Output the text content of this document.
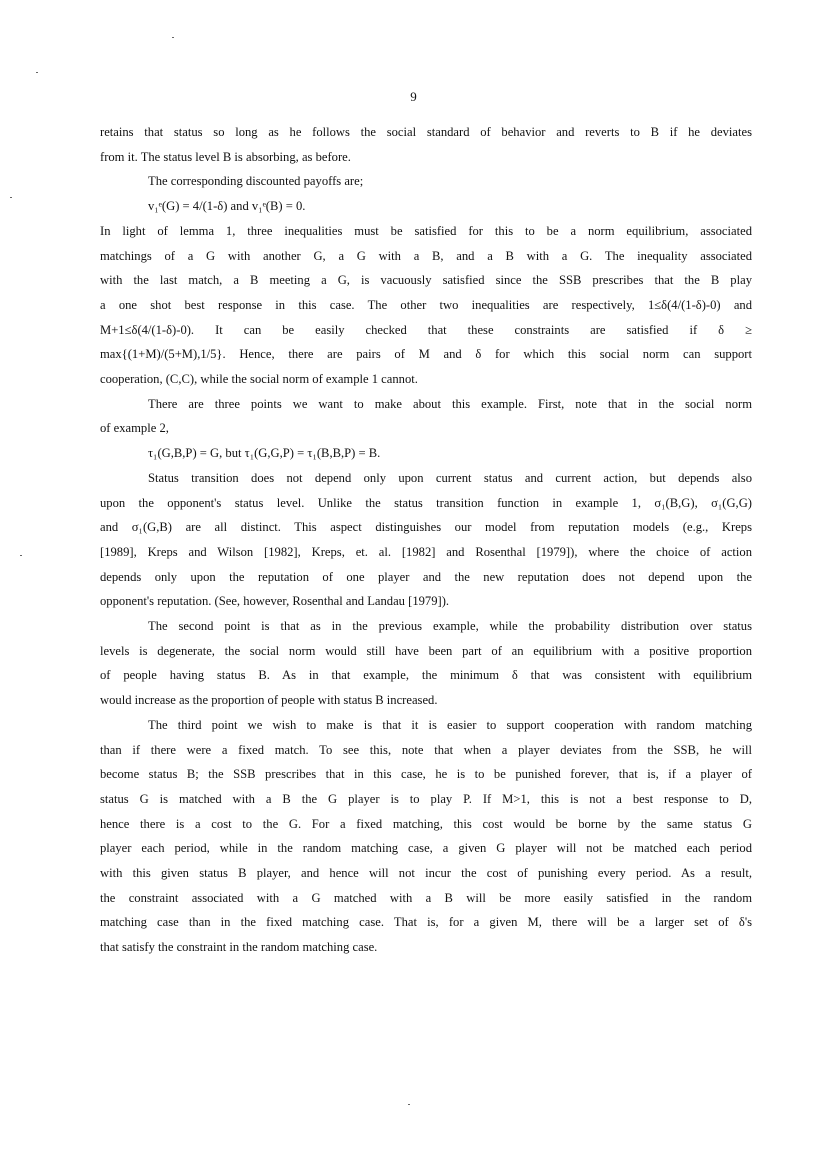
9
retains that status so long as he follows the social standard of behavior and reverts to B if he deviates
from it. The status level B is absorbing, as before.
The corresponding discounted payoffs are;
v₁ᵉ(G) = 4/(1-δ) and v₁ᵉ(B) = 0.
In light of lemma 1, three inequalities must be satisfied for this to be a norm equilibrium, associated
matchings of a G with another G, a G with a B, and a B with a G. The inequality associated
with the last match, a B meeting a G, is vacuously satisfied since the SSB prescribes that the B play
a one shot best response in this case. The other two inequalities are respectively, 1≤δ(4/(1-δ)-0) and
M+1≤δ(4/(1-δ)-0). It can be easily checked that these constraints are satisfied if δ ≥
max{(1+M)/(5+M),1/5}. Hence, there are pairs of M and δ for which this social norm can support
cooperation, (C,C), while the social norm of example 1 cannot.
There are three points we want to make about this example. First, note that in the social norm
of example 2,
τ₁(G,B,P) = G, but τ₁(G,G,P) = τ₁(B,B,P) = B.
Status transition does not depend only upon current status and current action, but depends also
upon the opponent's status level. Unlike the status transition function in example 1, σ₁(B,G), σ₁(G,G)
and σ₁(G,B) are all distinct. This aspect distinguishes our model from reputation models (e.g., Kreps
[1989], Kreps and Wilson [1982], Kreps, et. al. [1982] and Rosenthal [1979]), where the choice of action
depends only upon the reputation of one player and the new reputation does not depend upon the
opponent's reputation. (See, however, Rosenthal and Landau [1979]).
The second point is that as in the previous example, while the probability distribution over status
levels is degenerate, the social norm would still have been part of an equilibrium with a positive proportion
of people having status B. As in that example, the minimum δ that was consistent with equilibrium
would increase as the proportion of people with status B increased.
The third point we wish to make is that it is easier to support cooperation with random matching
than if there were a fixed match. To see this, note that when a player deviates from the SSB, he will
become status B; the SSB prescribes that in this case, he is to be punished forever, that is, if a player of
status G is matched with a B the G player is to play P. If M>1, this is not a best response to D,
hence there is a cost to the G. For a fixed matching, this cost would be borne by the same status G
player each period, while in the random matching case, a given G player will not be matched each period
with this given status B player, and hence will not incur the cost of punishing every period. As a result,
the constraint associated with a G matched with a B will be more easily satisfied in the random
matching case than in the fixed matching case. That is, for a given M, there will be a larger set of δ's
that satisfy the constraint in the random matching case.
